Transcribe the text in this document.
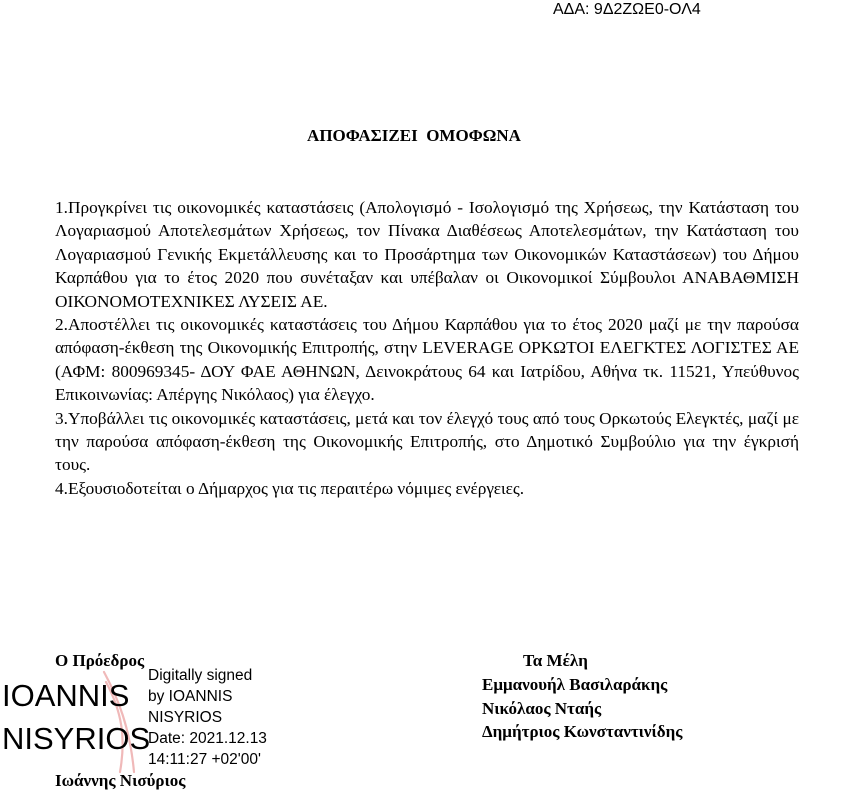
ΑΔΑ: 9Δ2ΖΩΕ0-ΟΛ4
ΑΠΟΦΑΣΙΖΕΙ  ΟΜΟΦΩΝΑ

1.Προγκρίνει τις οικονομικές καταστάσεις (Απολογισμό - Ισολογισμό της Χρήσεως, την Κατάσταση του Λογαριασμού Αποτελεσμάτων Χρήσεως, τον Πίνακα Διαθέσεως Αποτελεσμάτων, την Κατάσταση του Λογαριασμού Γενικής Εκμετάλλευσης και το Προσάρτημα των Οικονομικών Καταστάσεων) του Δήμου Καρπάθου για το έτος 2020 που συνέταξαν και υπέβαλαν οι Οικονομικοί Σύμβουλοι ΑΝΑΒΑΘΜΙΣΗ ΟΙΚΟΝΟΜΟΤΕΧΝΙΚΕΣ ΛΥΣΕΙΣ ΑΕ.

2.Αποστέλλει τις οικονομικές καταστάσεις του Δήμου Καρπάθου για το έτος 2020 μαζί με την παρούσα απόφαση-έκθεση της Οικονομικής Επιτροπής, στην LEVERAGE ΟΡΚΩΤΟΙ ΕΛΕΓΚΤΕΣ ΛΟΓΙΣΤΕΣ ΑΕ (ΑΦΜ: 800969345- ΔΟΥ ΦΑΕ ΑΘΗΝΩΝ, Δεινοκράτους 64 και Ιατρίδου, Αθήνα τκ. 11521, Υπεύθυνος Επικοινωνίας: Απέργης Νικόλαος) για έλεγχο.

3.Υποβάλλει τις οικονομικές καταστάσεις, μετά και τον έλεγχό τους από τους Ορκωτούς Ελεγκτές, μαζί με την παρούσα απόφαση-έκθεση της Οικονομικής Επιτροπής, στο Δημοτικό Συμβούλιο για την έγκρισή τους.

4.Εξουσιοδοτείται ο Δήμαρχος για τις περαιτέρω νόμιμες ενέργειες.

Ο Πρόεδρος
IOANNIS
NISYRIOS
Digitally signed
by IOANNIS
NISYRIOS
Date: 2021.12.13
14:11:27 +02'00'
Ιωάννης Νισύριος
Τα Μέλη
Εμμανουήλ Βασιλαράκης
Νικόλαος Νταής
Δημήτριος Κωνσταντινίδης
